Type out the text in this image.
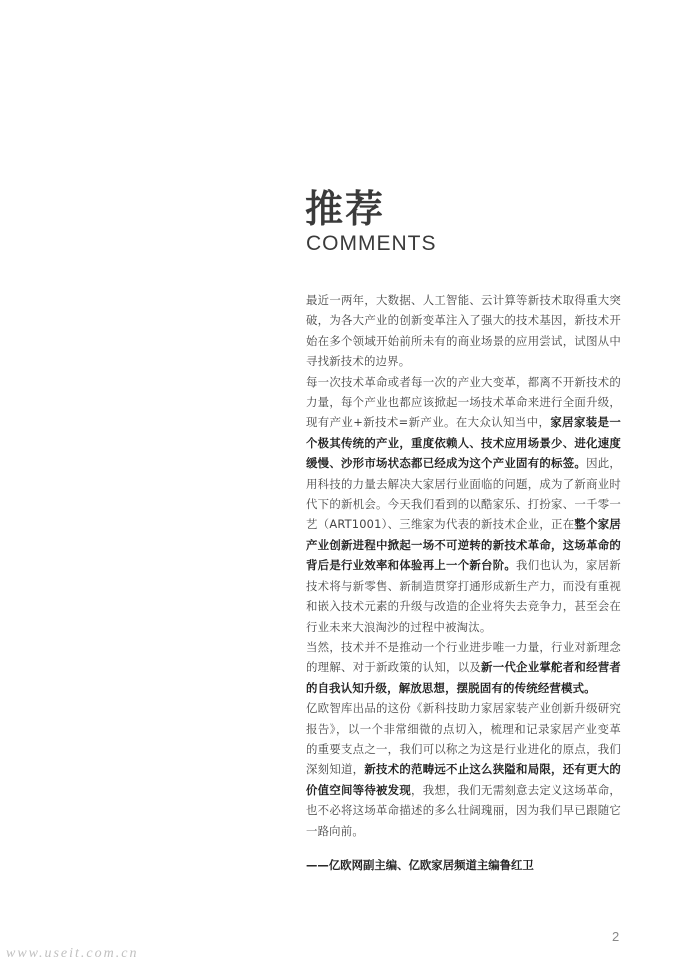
推荐
COMMENTS

最近一两年，大数据、人工智能、云计算等新技术取得重大突破，为各大产业的创新变革注入了强大的技术基因，新技术开始在多个领域开始前所未有的商业场景的应用尝试，试图从中寻找新技术的边界。

每一次技术革命或者每一次的产业大变革，都离不开新技术的力量，每个产业也都应该掀起一场技术革命来进行全面升级，现有产业+新技术=新产业。在大众认知当中，家居家装是一个极其传统的产业，重度依赖人、技术应用场景少、进化速度缓慢、沙形市场状态都已经成为这个产业固有的标签。因此，用科技的力量去解决大家居行业面临的问题，成为了新商业时代下的新机会。今天我们看到的以酷家乐、打扮家、一千零一艺（ART1001）、三维家为代表的新技术企业，正在整个家居产业创新进程中掀起一场不可逆转的新技术革命，这场革命的背后是行业效率和体验再上一个新台阶。我们也认为，家居新技术将与新零售、新制造贯穿打通形成新生产力，而没有重视和嵌入技术元素的升级与改造的企业将失去竞争力，甚至会在行业未来大浪淘沙的过程中被淘汰。

当然，技术并不是推动一个行业进步唯一力量，行业对新理念的理解、对于新政策的认知，以及新一代企业掌舵者和经营者的自我认知升级，解放思想，摆脱固有的传统经营模式。

亿欧智库出品的这份《新科技助力家居家装产业创新升级研究报告》，以一个非常细微的点切入，梳理和记录家居产业变革的重要支点之一，我们可以称之为这是行业进化的原点，我们深刻知道，新技术的范畴远不止这么狭隘和局限，还有更大的价值空间等待被发现，我想，我们无需刻意去定义这场革命，也不必将这场革命描述的多么壮阔瑰丽，因为我们早已跟随它一路向前。

——亿欧网副主编、亿欧家居频道主编鲁红卫
2
www.useit.com.cn
